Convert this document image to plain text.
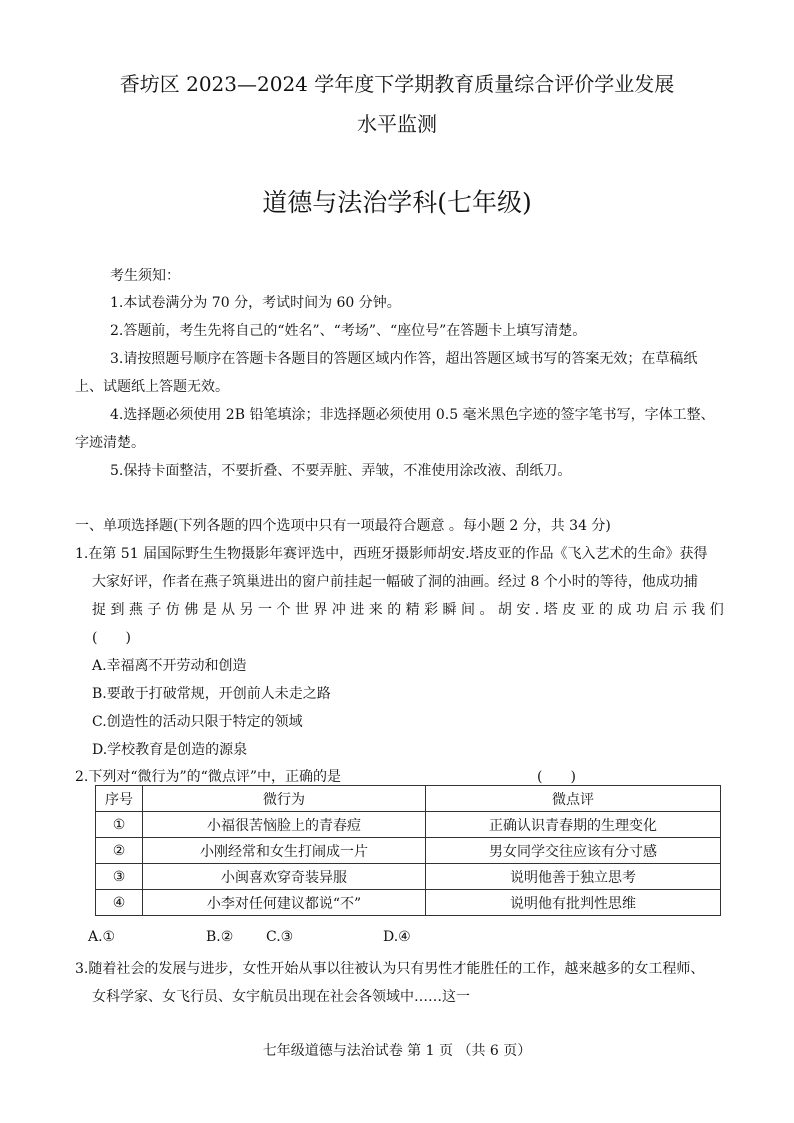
香坊区 2023—2024 学年度下学期教育质量综合评价学业发展
水平监测
道德与法治学科(七年级)
考生须知：
1.本试卷满分为 70 分，考试时间为 60 分钟。
2.答题前，考生先将自己的“姓名”、“考场”、“座位号”在答题卡上填写清楚。
3.请按照题号顺序在答题卡各题目的答题区域内作答，超出答题区域书写的答案无效；在草稿纸
上、试题纸上答题无效。
4.选择题必须使用 2B 铅笔填涂；非选择题必须使用 0.5 毫米黑色字迹的签字笔书写，字体工整、
字迹清楚。
5.保持卡面整洁，不要折叠、不要弄脏、弄皱，不准使用涂改液、刮纸刀。
一、单项选择题(下列各题的四个选项中只有一项最符合题意 。每小题 2 分，共 34 分)
1.在第 51 届国际野生生物摄影年赛评选中，西班牙摄影师胡安.塔皮亚的作品《飞入艺术的生命》获得
大家好评，作者在燕子筑巢进出的窗户前挂起一幅破了洞的油画。经过 8 个小时的等待，他成功捕
捉 到 燕 子 仿 佛 是 从 另 一 个 世 界 冲 进 来 的 精 彩 瞬 间 。 胡 安 . 塔 皮 亚 的 成 功 启 示 我 们
(　　)
A.幸福离不开劳动和创造
B.要敢于打破常规，开创前人未走之路
C.创造性的活动只限于特定的领域
D.学校教育是创造的源泉
2.下列对“微行为”的“微点评”中，正确的是	(　　)
序号	微行为	微点评
①	小福很苦恼脸上的青春痘	正确认识青春期的生理变化
②	小刚经常和女生打闹成一片	男女同学交往应该有分寸感
③	小闽喜欢穿奇装异服	说明他善于独立思考
④	小李对任何建议都说“不”	说明他有批判性思维
A.①	B.② C.③	D.④
3.随着社会的发展与进步，女性开始从事以往被认为只有男性才能胜任的工作，越来越多的女工程师、
女科学家、女飞行员、女宇航员出现在社会各领域中……这一
七年级道德与法治试卷 第 1 页 （共 6 页）
